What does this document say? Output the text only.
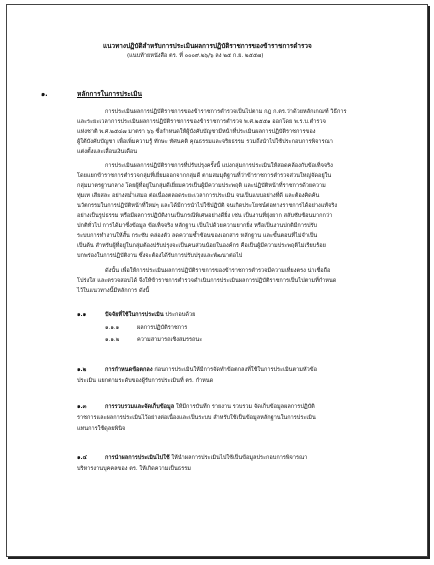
แนวทางปฏิบัติสำหรับการประเมินผลการปฏิบัติราชการของข้าราชการตำรวจ
(แนบท้ายหนังสือ ตร. ที่ ๐๐๐๙.๒๖/๖ ลง ๒๕ ก.ย. ๒๕๕๗)
๑.	หลักการในการประเมิน
การประเมินผลการปฏิบัติราชการของข้าราชการตำรวจเป็นไปตาม กฎ ก.ตร.ว่าด้วยหลักเกณฑ์ วิธีการ
และระยะเวลาการประเมินผลการปฏิบัติราชการของข้าราชการตำรวจ พ.ศ.๒๕๕๑ ออกโดย พ.ร.บ.ตำรวจ
แห่งชาติ พ.ศ.๒๕๔๗ มาตรา ๖๖ ซึ่งกำหนดให้ผู้บังคับบัญชามีหน้าที่ประเมินผลการปฏิบัติราชการของ
ผู้ใต้บังคับบัญชา เพื่อเพิ่มความรู้ ทักษะ ทัศนคติ คุณธรรมและจริยธรรม รวมถึงนำไปใช้ประกอบการพิจารณา
แต่งตั้งและเลื่อนเงินเดือน
การประเมินผลการปฏิบัติราชการที่ปรับปรุงครั้งนี้ แบ่งกลุ่มการประเมินให้สอดคล้องกับข้อเท็จจริง
โดยแยกข้าราชการตำรวจกลุ่มที่เยี่ยมออกจากกลุ่มดี ตามสมมุติฐานที่ว่าข้าราชการตำรวจส่วนใหญ่จัดอยู่ใน
กลุ่มมาตรฐานกลาง โดยผู้ที่อยู่ในกลุ่มดีเยี่ยมควรเป็นผู้มีความประพฤติ และปฏิบัติหน้าที่ราชการด้วยความ
ทุ่มเท เสียสละ อย่างสม่ำเสมอ ต่อเนื่องตลอดระยะเวลาการประเมิน จนเป็นแบบอย่างที่ดี และต้องคิดค้น
นวัตกรรมในการปฏิบัติหน้าที่ใหม่ๆ และได้มีการนำไปใช้ปฏิบัติ จนเกิดประโยชน์ต่อทางราชการได้อย่างแท้จริง
อย่างเป็นรูปธรรม หรือมีผลการปฏิบัติงานเป็นกรณีพิเศษอย่างดียิ่ง เช่น เป็นงานที่ยุ่งยาก สลับซับซ้อนมากกว่า
ปกติทั่วไป การได้มาซึ่งข้อมูล ข้อเท็จจริง หลักฐาน เป็นไปด้วยความยากยิ่ง หรือเป็นงานปกติมีการปรับ
ระบบการทำงานให้สั้น กระชับ คล่องตัว ลดความซ้ำซ้อนของเอกสาร หลักฐาน และขั้นตอนที่ไม่จำเป็น
เป็นต้น สำหรับผู้ที่อยู่ในกลุ่มต้องปรับปรุงจะเป็นคนส่วนน้อยในองค์กร คือเป็นผู้มีความประพฤติไม่เรียบร้อย
บกพร่องในการปฏิบัติงาน ซึ่งจะต้องได้รับการปรับปรุงและพัฒนาต่อไป
ดังนั้น เพื่อให้การประเมินผลการปฏิบัติราชการของข้าราชการตำรวจมีความเที่ยงตรง น่าเชื่อถือ
โปร่งใส และตรวจสอบได้ จึงให้ข้าราชการตำรวจดำเนินการประเมินผลการปฏิบัติราชการเป็นไปตามที่กำหนด
ไว้ในแนวทางนี้มีหลักการ ดังนี้
๑.๑	ปัจจัยที่ใช้ในการประเมิน ประกอบด้วย
๑.๑.๑	ผลการปฏิบัติราชการ
๑.๑.๒	ความสามารถเชิงสมรรถนะ
๑.๒	การกำหนดข้อตกลง ก่อนการประเมินให้มีการจัดทำข้อตกลงที่ใช้ในการประเมินตามหัวข้อ
ประเมิน แยกตามระดับของผู้รับการประเมินที่ ตร. กำหนด
๑.๓	การรวบรวมและจัดเก็บข้อมูล ให้มีการบันทึก รายงาน รวบรวม จัดเก็บข้อมูลผลการปฏิบัติ
ราชการและผลการประเมินไว้อย่างต่อเนื่องและเป็นระบบ สำหรับใช้เป็นข้อมูลหลักฐานในการประเมิน
แทนการใช้ดุลยพินิจ
๑.๔	การนำผลการประเมินไปใช้ ให้นำผลการประเมินไปใช้เป็นข้อมูลประกอบการพิจารณา
บริหารงานบุคคลของ ตร. ให้เกิดความเป็นธรรม
